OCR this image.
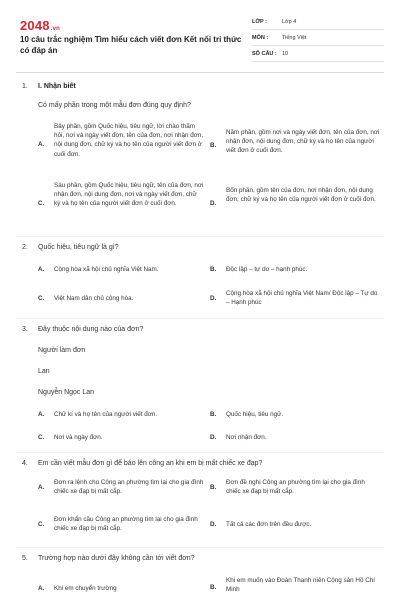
2048.vn
10 câu trắc nghiệm Tìm hiểu cách viết đơn Kết nối tri thức có đáp án
LỚP :	Lớp 4
MÔN :	Tiếng Việt
SỐ CÂU : 10
1. I. Nhận biết
Có mấy phần trong một mẫu đơn đúng quy định?
A.
Bảy phần, gồm Quốc hiệu, tiêu ngữ, lời chào thăm hỏi, nơi và ngày viết đơn, tên của đơn, nơi nhận đơn, nội dung đơn, chữ ký và họ tên của người viết đơn ở cuối đơn.
B.
Năm phần, gồm nơi và ngày viết đơn, tên của đơn, nơi nhận đơn, nội dung đơn, chữ ký và họ tên của người viết đơn ở cuối đơn.
C.
Sáu phần, gồm Quốc hiệu, tiêu ngữ, tên của đơn, nơi nhận đơn, nội dung đơn, nơi và ngày viết đơn, chữ ký và họ tên của người viết đơn ở cuối đơn.	D.
Bốn phần, gồm tên của đơn, nơi nhận đơn, nội dung đơn, chữ ký và họ tên của người viết đơn ở cuối đơn.
2. Quốc hiệu, tiêu ngữ là gì?
A. Cộng hòa xã hội chủ nghĩa Việt Nam.	B. Độc lập – tự do – hạnh phúc.
C. Việt Nam dân chủ cộng hòa.	D.
Cộng hòa xã hội chủ nghĩa Việt Nam/ Độc lập – Tự do – Hạnh phúc
3. Đây thuộc nội dung nào của đơn?
Người làm đơn
Lan
Nguyễn Ngọc Lan
A. Chữ kí và họ tên của người viết đơn.	B. Quốc hiệu, tiêu ngữ.
C. Nơi và ngày đơn.	D. Nơi nhận đơn.
4. Em cần viết mẫu đơn gì để báo lên công an khi em bị mất chiếc xe đạp?
A.
Đơn ra lệnh cho Công an phường tìm lại cho gia đình chiếc xe đạp bị mất cắp.
B.
Đơn đề nghị Công an phường tìm lại cho gia đình chiếc xe đạp bị mất cắp.
C.
Đơn khẩn cầu Công an phường tìm lại cho gia đình chiếc xe đạp bị mất cắp.
D. Tất cả các đơn trên đều được.
5. Trường hợp nào dưới đây không cần tới viết đơn?
A. Khi em chuyển trường	B.
Khi em muốn vào Đoàn Thanh niên Cộng sản Hồ Chí Minh
